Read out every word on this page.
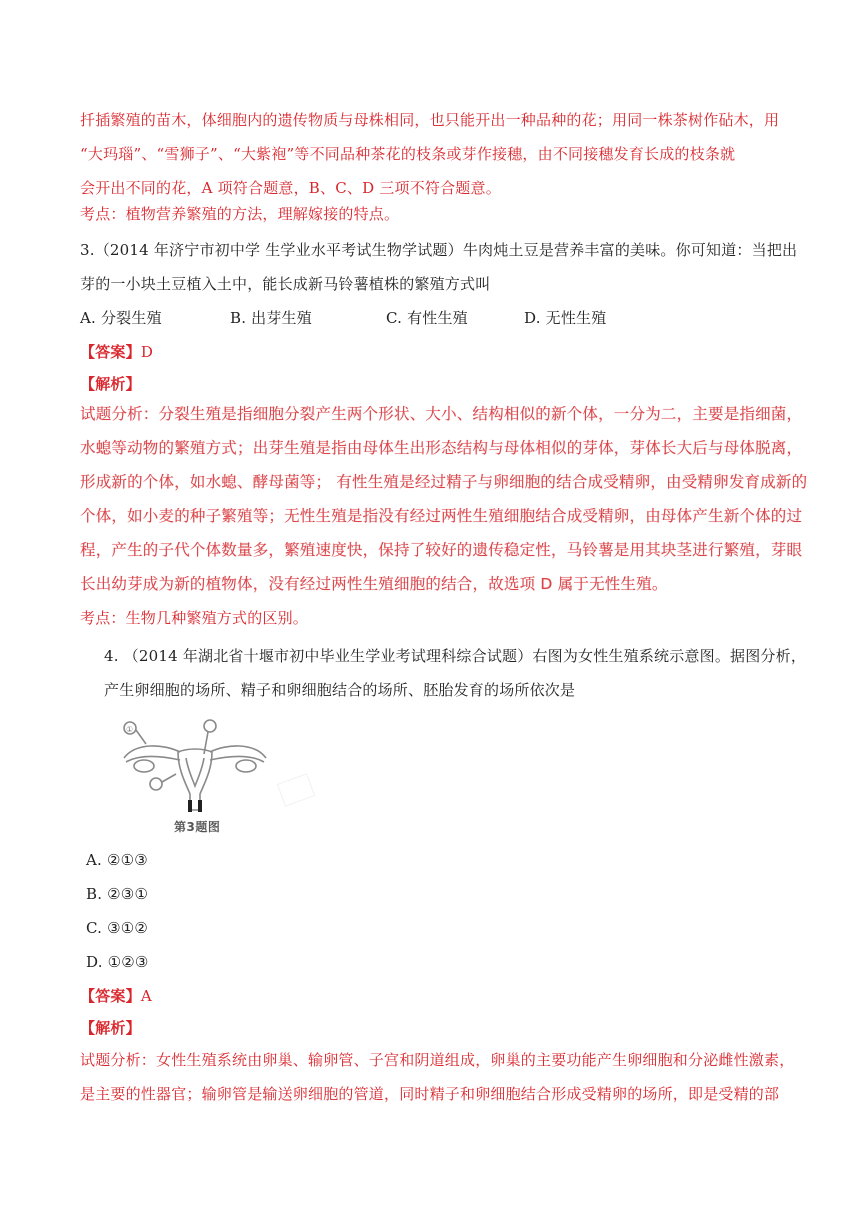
扦插繁殖的苗木，体细胞内的遗传物质与母株相同，也只能开出一种品种的花；用同一株茶树作砧木，用
“大玛瑙”、“雪狮子”、“大紫袍”等不同品种茶花的枝条或芽作接穗，由不同接穗发育长成的枝条就
会开出不同的花，A 项符合题意，B、C、D 三项不符合题意。
考点：植物营养繁殖的方法，理解嫁接的特点。
3.（2014 年济宁市初中学 生学业水平考试生物学试题）牛肉炖土豆是营养丰富的美味。你可知道：当把出
芽的一小块土豆植入土中，能长成新马铃薯植株的繁殖方式叫
A. 分裂生殖	B. 出芽生殖	C. 有性生殖	D. 无性生殖
【答案】D
【解析】
试题分析：分裂生殖是指细胞分裂产生两个形状、大小、结构相似的新个体，一分为二，主要是指细菌，
水螅等动物的繁殖方式；出芽生殖是指由母体生出形态结构与母体相似的芽体，芽体长大后与母体脱离，
形成新的个体，如水螅、酵母菌等； 有性生殖是经过精子与卵细胞的结合成受精卵，由受精卵发育成新的
个体，如小麦的种子繁殖等；无性生殖是指没有经过两性生殖细胞结合成受精卵，由母体产生新个体的过
程，产生的子代个体数量多，繁殖速度快，保持了较好的遗传稳定性，马铃薯是用其块茎进行繁殖，芽眼
长出幼芽成为新的植物体，没有经过两性生殖细胞的结合，故选项 D 属于无性生殖。
考点：生物几种繁殖方式的区别。
4. （2014 年湖北省十堰市初中毕业生学业考试理科综合试题）右图为女性生殖系统示意图。据图分析，
产生卵细胞的场所、精子和卵细胞结合的场所、胚胎发育的场所依次是
①
第3题图
A. ②①③
B. ②③①
C. ③①②
D. ①②③
【答案】A
【解析】
试题分析：女性生殖系统由卵巢、输卵管、子宫和阴道组成，卵巢的主要功能产生卵细胞和分泌雌性激素，
是主要的性器官；输卵管是输送卵细胞的管道，同时精子和卵细胞结合形成受精卵的场所，即是受精的部
